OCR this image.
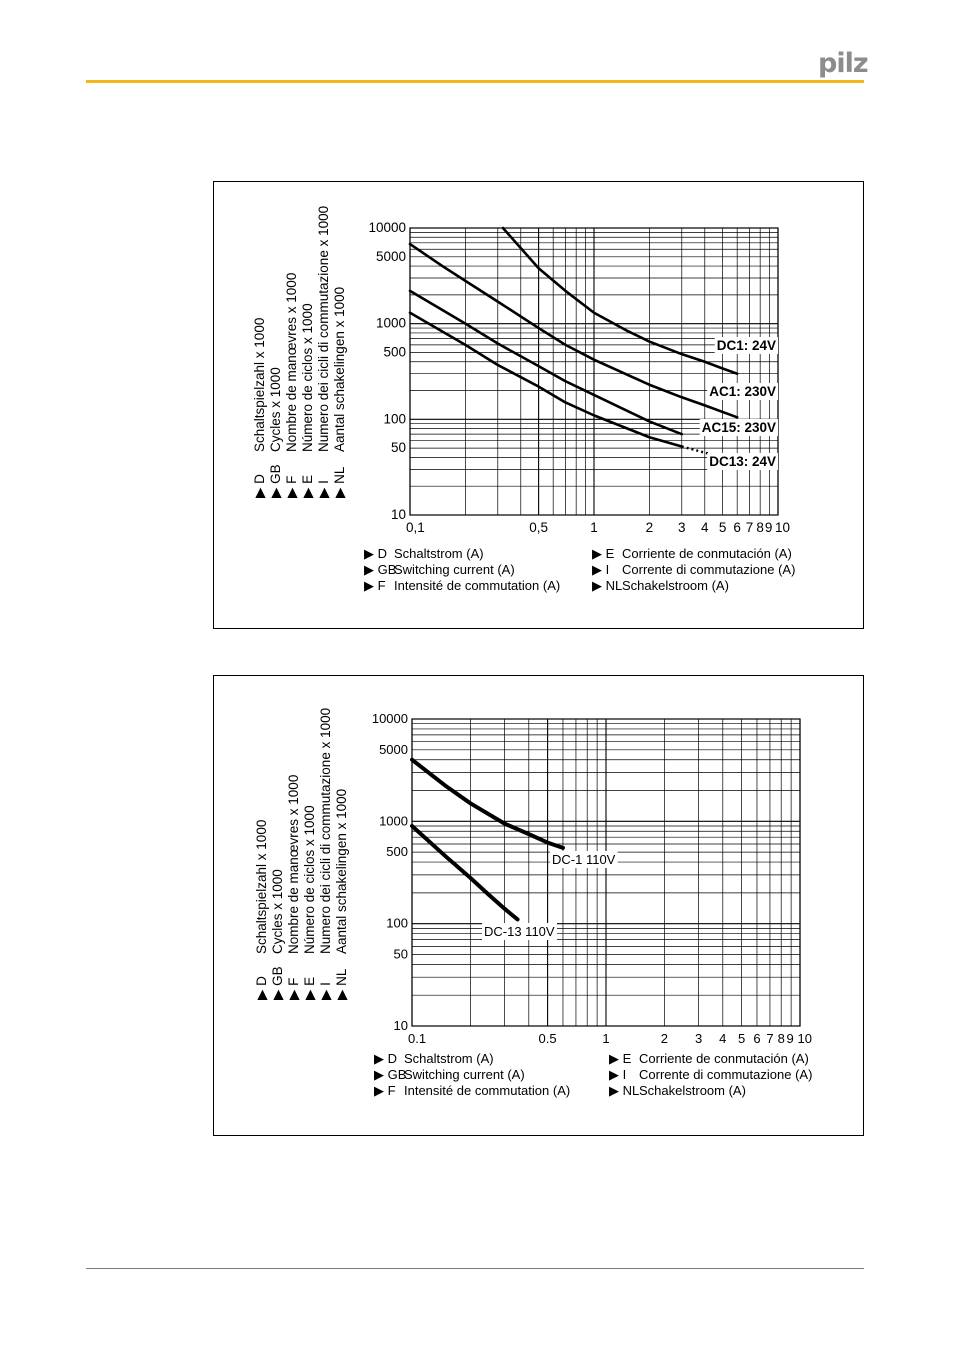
pilz
▶ DSchaltspielzahl x 1000
▶ GBCycles x 1000
▶ FNombre de manœvres x 1000
▶ ENúmero de ciclos x 1000
▶ INumero dei cicli di commutazione x 1000
▶ NLAantal schakelingen x 1000
0,1	0,5	1	2 3 4 5 6 7 8 9 10
10
50
100
500
1000
5000
10000
DC1: 24V
AC1: 230V
AC15: 230V
DC13: 24V
▶ D Schaltstrom (A)
▶ GBSwitching current (A)
▶ F Intensité de commutation (A)
▶ E Corriente de conmutación (A)
▶ I Corrente di commutazione (A)
▶ NLSchakelstroom (A)
▶ DSchaltspielzahl x 1000
▶ GBCycles x 1000
▶ FNombre de manœvres x 1000
▶ ENúmero de ciclos x 1000
▶ INumero dei cicli di commutazione x 1000
▶ NLAantal schakelingen x 1000
0.1	0.5	1	2 3 4 5 6 7 8 9 10
10
50
100
500
1000
5000
10000
DC-1 110V
DC-13 110V
▶ D Schaltstrom (A)
▶ GBSwitching current (A)
▶ F Intensité de commutation (A)
▶ E Corriente de conmutación (A)
▶ I Corrente di commutazione (A)
▶ NLSchakelstroom (A)
